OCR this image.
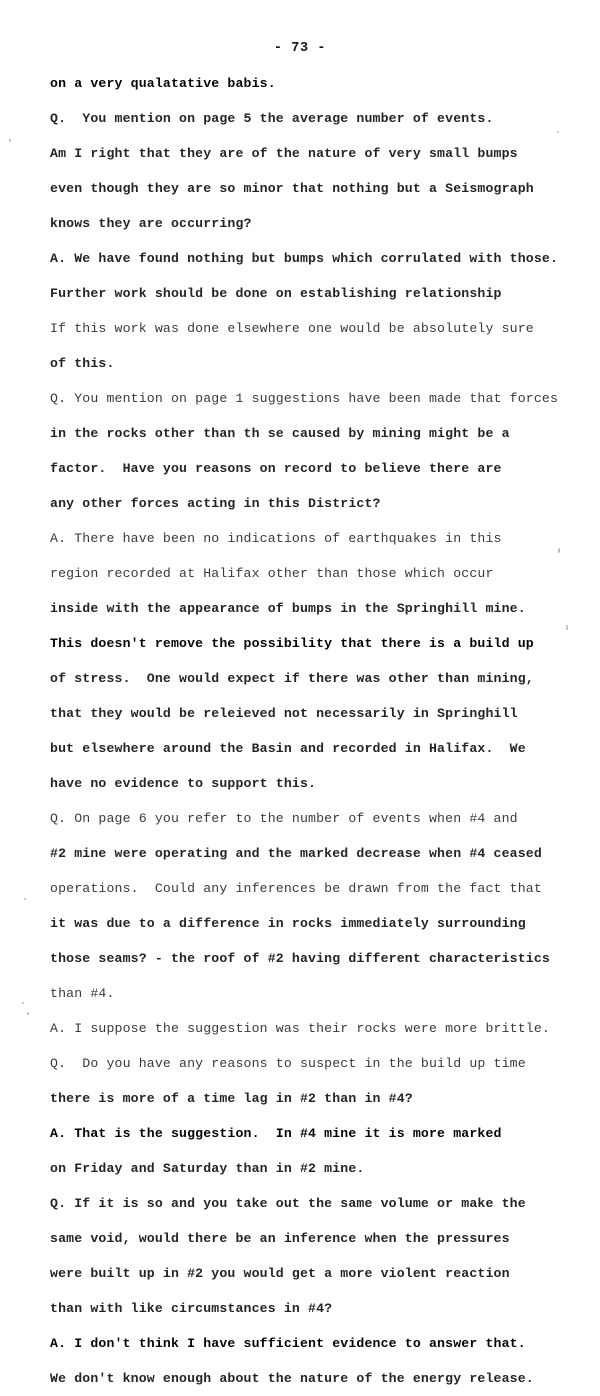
- 73 -
on a very qualatative babis.
Q.  You mention on page 5 the average number of events.
Am I right that they are of the nature of very small bumps
even though they are so minor that nothing but a Seismograph
knows they are occurring?
A. We have found nothing but bumps which corrulated with those.
Further work should be done on establishing relationship
If this work was done elsewhere one would be absolutely sure
of this.
Q. You mention on page 1 suggestions have been made that forces
in the rocks other than th se caused by mining might be a
factor.  Have you reasons on record to believe there are
any other forces acting in this District?
A. There have been no indications of earthquakes in this
region recorded at Halifax other than those which occur
inside with the appearance of bumps in the Springhill mine.
This doesn't remove the possibility that there is a build up
of stress.  One would expect if there was other than mining,
that they would be releieved not necessarily in Springhill
but elsewhere around the Basin and recorded in Halifax.  We
have no evidence to support this.
Q. On page 6 you refer to the number of events when #4 and
#2 mine were operating and the marked decrease when #4 ceased
operations.  Could any inferences be drawn from the fact that
it was due to a difference in rocks immediately surrounding
those seams? - the roof of #2 having different characteristics
than #4.
A. I suppose the suggestion was their rocks were more brittle.
Q.  Do you have any reasons to suspect in the build up time
there is more of a time lag in #2 than in #4?
A. That is the suggestion.  In #4 mine it is more marked
on Friday and Saturday than in #2 mine.
Q. If it is so and you take out the same volume or make the
same void, would there be an inference when the pressures
were built up in #2 you would get a more violent reaction
than with like circumstances in #4?
A. I don't think I have sufficient evidence to answer that.
We don't know enough about the nature of the energy release.
